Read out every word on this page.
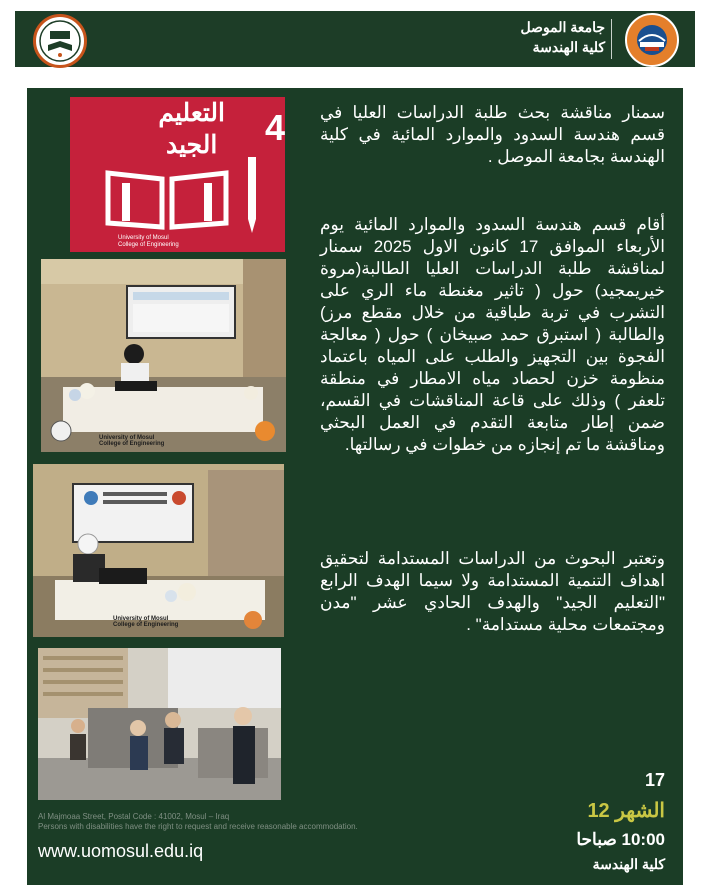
جامعة الموصل
كلية الهندسة
4
التعليم
الجيد
University of Mosul
College of Engineering
University of Mosul
College of Engineering
University of Mosul
College of Engineering
سمنار مناقشة بحث طلبة الدراسات العليا في قسم هندسة السدود والموارد المائية في كلية الهندسة بجامعة الموصل .
أقام قسم هندسة السدود والموارد المائية يوم الأربعاء الموافق 17 كانون الاول 2025 سمنار لمناقشة طلبة الدراسات العليا الطالبة(مروة خيريمجيد) حول ( تاثير مغنطة ماء الري على التشرب في تربة طباقية من خلال مقطع مرز) والطالبة ( استبرق حمد صبيخان ) حول ( معالجة الفجوة بين التجهيز والطلب على المياه باعتماد منظومة خزن لحصاد مياه الامطار في منطقة تلعفر ) وذلك على قاعة المناقشات في القسم، ضمن إطار متابعة التقدم في العمل البحثي ومناقشة ما تم إنجازه من خطوات في رسالتها.
وتعتبر البحوث من الدراسات المستدامة لتحقيق اهداف التنمية المستدامة ولا سيما الهدف الرابع "التعليم الجيد" والهدف الحادي عشر "مدن ومجتمعات محلية مستدامة" .
Al Majmoaa Street, Postal Code : 41002, Mosul – Iraq
Persons with disabilities have the right to request and receive reasonable accommodation.
www.uomosul.edu.iq
17
الشهر 12
10:00 صباحا
كلية الهندسة
